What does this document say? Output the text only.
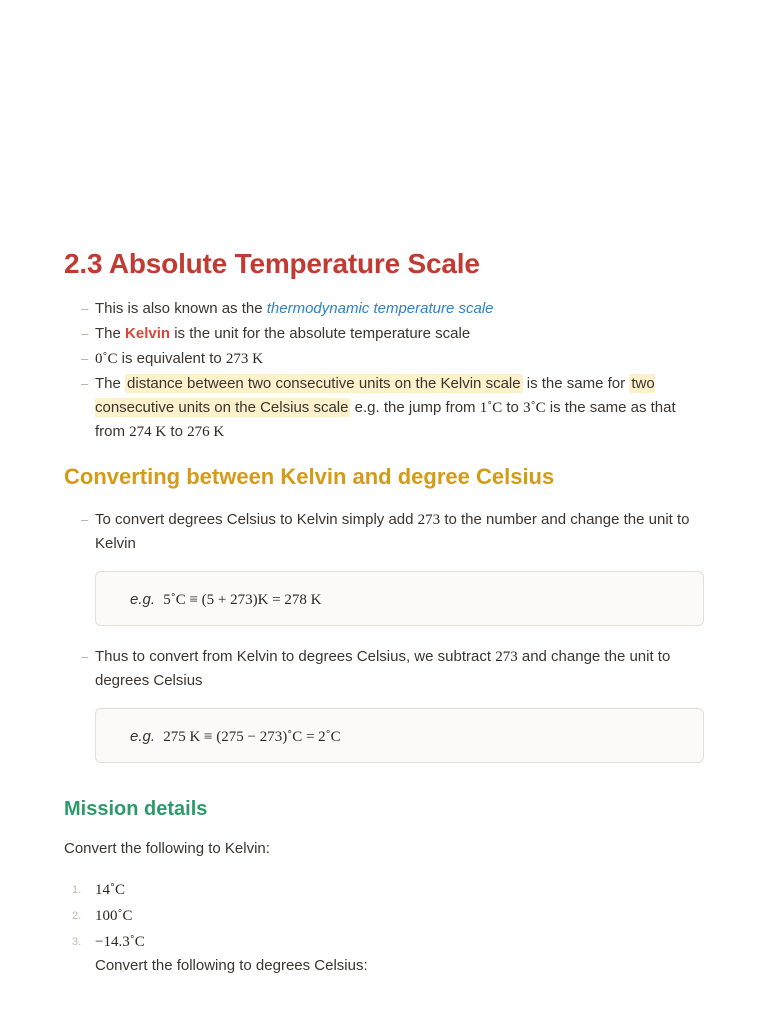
2.3 Absolute Temperature Scale
– This is also known as the thermodynamic temperature scale
– The Kelvin is the unit for the absolute temperature scale
– 0˚C is equivalent to 273 K
– The distance between two consecutive units on the Kelvin scale is the same for two consecutive units on the Celsius scale e.g. the jump from 1˚C to 3˚C is the same as that from 274 K to 276 K
Converting between Kelvin and degree Celsius
– To convert degrees Celsius to Kelvin simply add 273 to the number and change the unit to Kelvin
e.g. 5˚C ≡ (5 + 273)K = 278 K
– Thus to convert from Kelvin to degrees Celsius, we subtract 273 and change the unit to degrees Celsius
e.g. 275 K ≡ (275 − 273)˚C = 2˚C
Mission details

Convert the following to Kelvin:

1. 14˚C
2. 100˚C
3. −14.3˚C

Convert the following to degrees Celsius:
